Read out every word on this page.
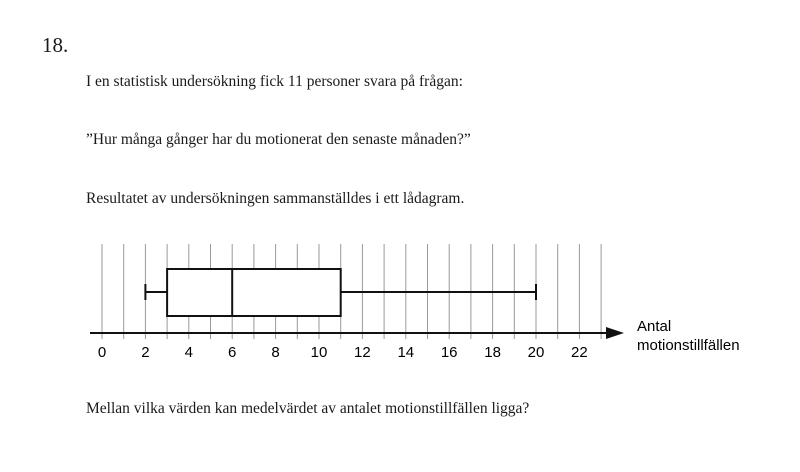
18.
I en statistisk undersökning fick 11 personer svara på frågan:
”Hur många gånger har du motionerat den senaste månaden?”
Resultatet av undersökningen sammanställdes i ett lådagram.
0 2 4 6 8 10 12 14 16 18 20 22
Antal
motionstillfällen
Mellan vilka värden kan medelvärdet av antalet motionstillfällen ligga?
